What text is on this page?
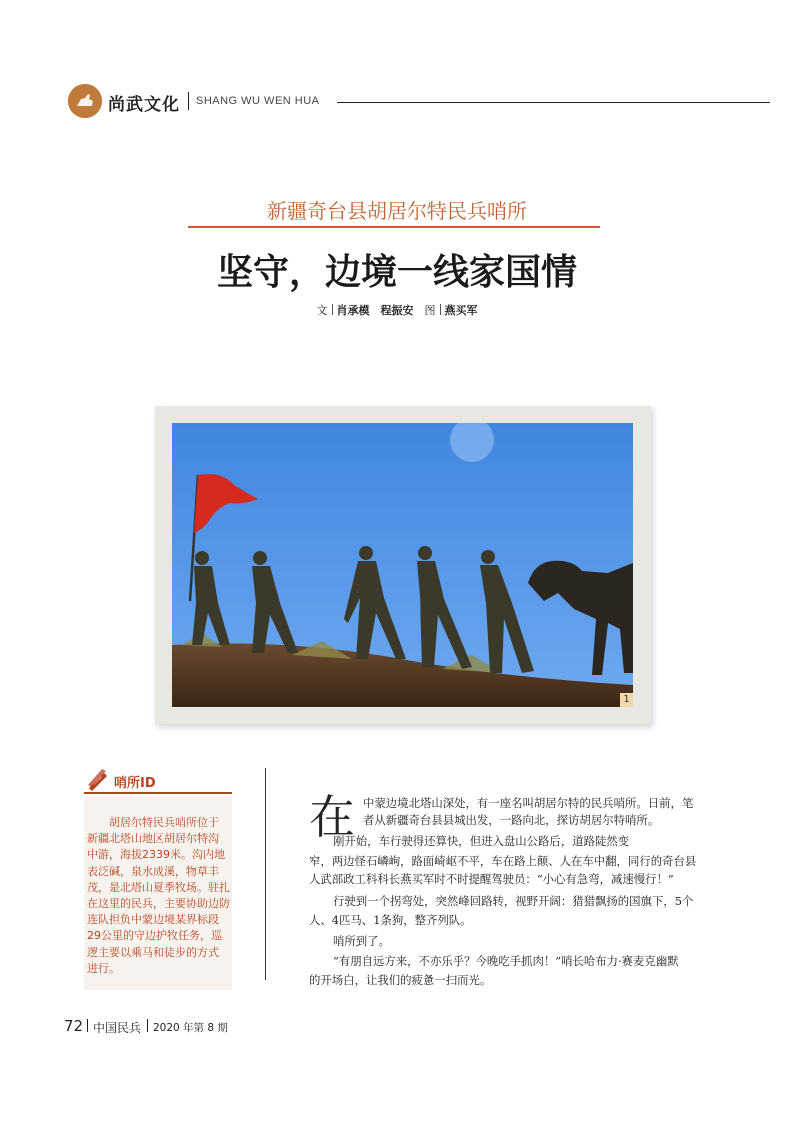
尚武文化 SHANG WU WEN HUA
新疆奇台县胡居尔特民兵哨所
坚守，边境一线家国情
文 肖承模　程振安　 图 燕买军
1
哨所ID
胡居尔特民兵哨所位于
新疆北塔山地区胡居尔特沟
中游，海拔2339米。沟内地
表泛碱，泉水成溪，物草丰
茂，是北塔山夏季牧场。驻扎
在这里的民兵，主要协助边防
连队担负中蒙边境某界标段
29公里的守边护牧任务，巡
逻主要以乘马和徒步的方式
进行。
在 中蒙边境北塔山深处，有一座名叫胡居尔特的民兵哨所。日前，笔
者从新疆奇台县县城出发，一路向北，探访胡居尔特哨所。
刚开始，车行驶得还算快，但进入盘山公路后，道路陡然变
窄，两边怪石嶙峋，路面崎岖不平，车在路上颠、人在车中翻，同行的奇台县
人武部政工科科长燕买军时不时提醒驾驶员：“小心有急弯，减速慢行！”
行驶到一个拐弯处，突然峰回路转，视野开阔：猎猎飘扬的国旗下，5个
人、4匹马、1条狗，整齐列队。
哨所到了。
“有朋自远方来，不亦乐乎？今晚吃手抓肉！”哨长哈布力·赛麦克幽默
的开场白，让我们的疲惫一扫而光。
72 中国民兵 2020 年第 8 期
